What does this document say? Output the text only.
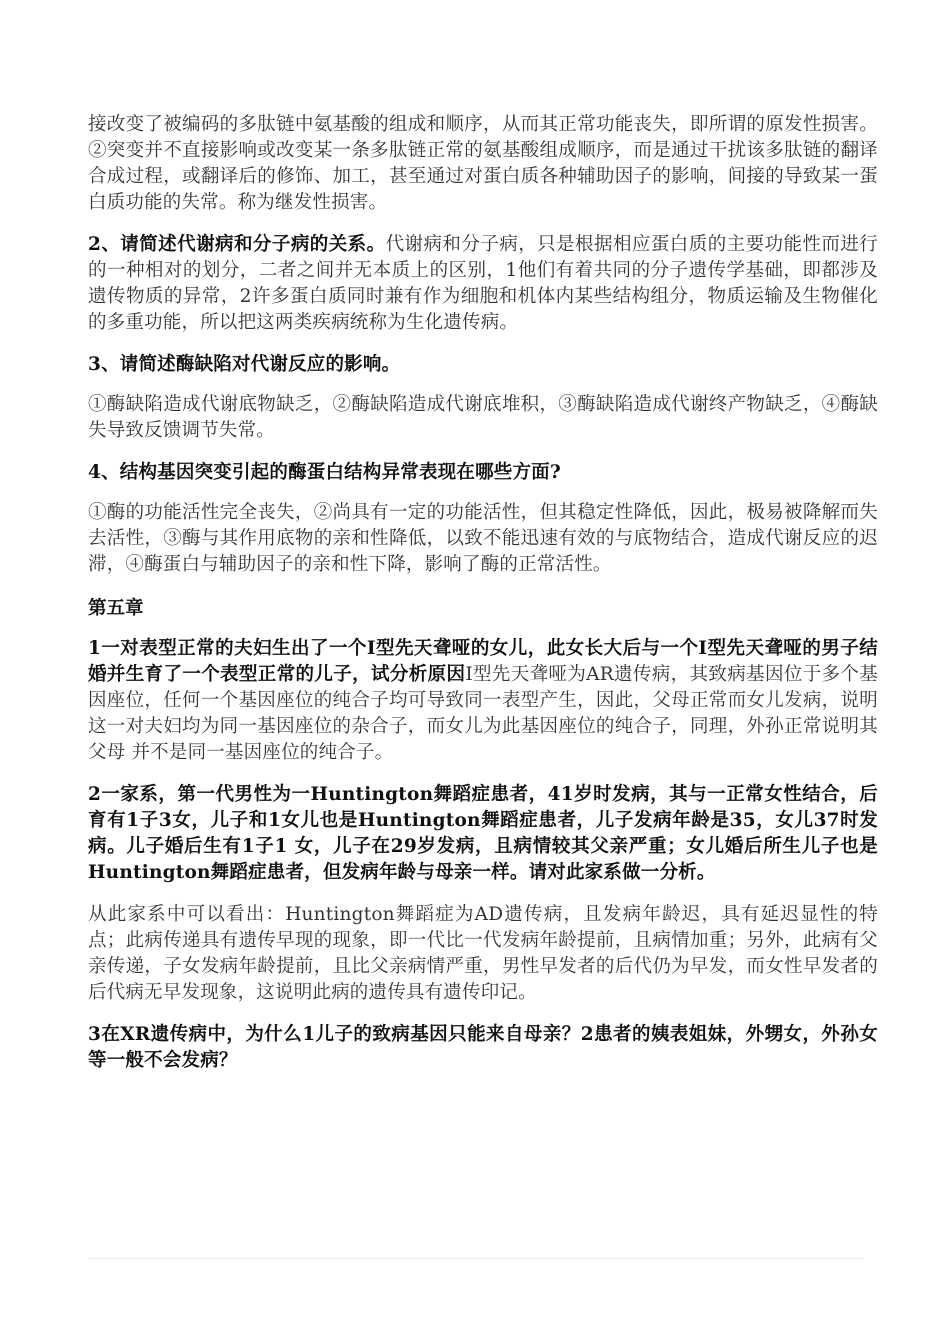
接改变了被编码的多肽链中氨基酸的组成和顺序，从而其正常功能丧失，即所谓的原发性损害。②突变并不直接影响或改变某一条多肽链正常的氨基酸组成顺序，而是通过干扰该多肽链的翻译合成过程，或翻译后的修饰、加工，甚至通过对蛋白质各种辅助因子的影响，间接的导致某一蛋白质功能的失常。称为继发性损害。

2、请简述代谢病和分子病的关系。代谢病和分子病，只是根据相应蛋白质的主要功能性而进行的一种相对的划分，二者之间并无本质上的区别，1他们有着共同的分子遗传学基础，即都涉及遗传物质的异常，2许多蛋白质同时兼有作为细胞和机体内某些结构组分，物质运输及生物催化的多重功能，所以把这两类疾病统称为生化遗传病。

3、请简述酶缺陷对代谢反应的影响。

①酶缺陷造成代谢底物缺乏，②酶缺陷造成代谢底堆积，③酶缺陷造成代谢终产物缺乏，④酶缺失导致反馈调节失常。

4、结构基因突变引起的酶蛋白结构异常表现在哪些方面?

①酶的功能活性完全丧失，②尚具有一定的功能活性，但其稳定性降低，因此，极易被降解而失去活性，③酶与其作用底物的亲和性降低，以致不能迅速有效的与底物结合，造成代谢反应的迟滞，④酶蛋白与辅助因子的亲和性下降，影响了酶的正常活性。

第五章

1一对表型正常的夫妇生出了一个I型先天聋哑的女儿，此女长大后与一个I型先天聋哑的男子结婚并生育了一个表型正常的儿子，试分析原因I型先天聋哑为AR遗传病，其致病基因位于多个基因座位，任何一个基因座位的纯合子均可导致同一表型产生，因此，父母正常而女儿发病，说明这一对夫妇均为同一基因座位的杂合子，而女儿为此基因座位的纯合子，同理，外孙正常说明其父母 并不是同一基因座位的纯合子。

2一家系，第一代男性为一Huntington舞蹈症患者，41岁时发病，其与一正常女性结合，后育有1子3女，儿子和1女儿也是Huntington舞蹈症患者，儿子发病年龄是35，女儿37时发病。儿子婚后生有1子1 女，儿子在29岁发病，且病情较其父亲严重；女儿婚后所生儿子也是Huntington舞蹈症患者，但发病年龄与母亲一样。请对此家系做一分析。

从此家系中可以看出：Huntington舞蹈症为AD遗传病，且发病年龄迟，具有延迟显性的特点；此病传递具有遗传早现的现象，即一代比一代发病年龄提前，且病情加重；另外，此病有父亲传递，子女发病年龄提前，且比父亲病情严重，男性早发者的后代仍为早发，而女性早发者的后代病无早发现象，这说明此病的遗传具有遗传印记。

3在XR遗传病中，为什么1儿子的致病基因只能来自母亲？2患者的姨表姐妹，外甥女，外孙女等一般不会发病？
